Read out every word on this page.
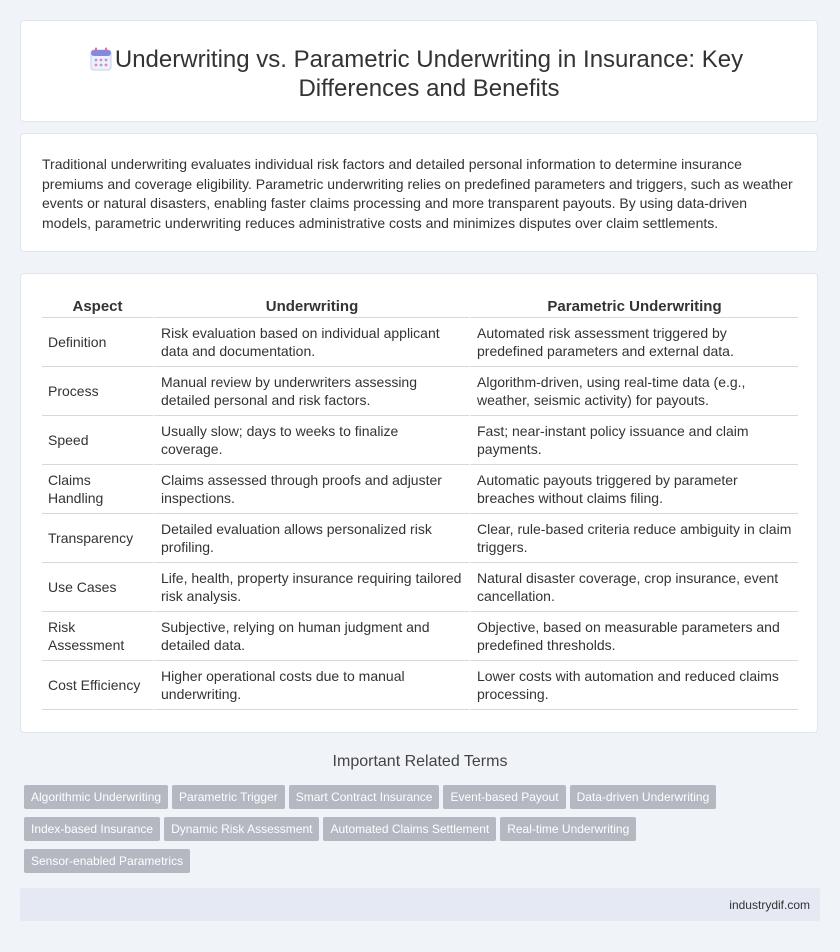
Underwriting vs. Parametric Underwriting in Insurance: Key Differences and Benefits

Traditional underwriting evaluates individual risk factors and detailed personal information to determine insurance premiums and coverage eligibility. Parametric underwriting relies on predefined parameters and triggers, such as weather events or natural disasters, enabling faster claims processing and more transparent payouts. By using data-driven models, parametric underwriting reduces administrative costs and minimizes disputes over claim settlements.

Aspect	Underwriting	Parametric Underwriting
Definition	Risk evaluation based on individual applicant data and documentation.	Automated risk assessment triggered by predefined parameters and external data.
Process	Manual review by underwriters assessing detailed personal and risk factors.	Algorithm-driven, using real-time data (e.g., weather, seismic activity) for payouts.
Speed	Usually slow; days to weeks to finalize coverage.	Fast; near-instant policy issuance and claim payments.
Claims Handling	Claims assessed through proofs and adjuster inspections.	Automatic payouts triggered by parameter breaches without claims filing.
Transparency	Detailed evaluation allows personalized risk profiling.	Clear, rule-based criteria reduce ambiguity in claim triggers.
Use Cases	Life, health, property insurance requiring tailored risk analysis.	Natural disaster coverage, crop insurance, event cancellation.
Risk Assessment	Subjective, relying on human judgment and detailed data.	Objective, based on measurable parameters and predefined thresholds.
Cost Efficiency	Higher operational costs due to manual underwriting.	Lower costs with automation and reduced claims processing.
Important Related Terms
Algorithmic Underwriting Parametric Trigger Smart Contract Insurance Event-based Payout Data-driven Underwriting
Index-based Insurance Dynamic Risk Assessment Automated Claims Settlement Real-time Underwriting
Sensor-enabled Parametrics
industrydif.com
